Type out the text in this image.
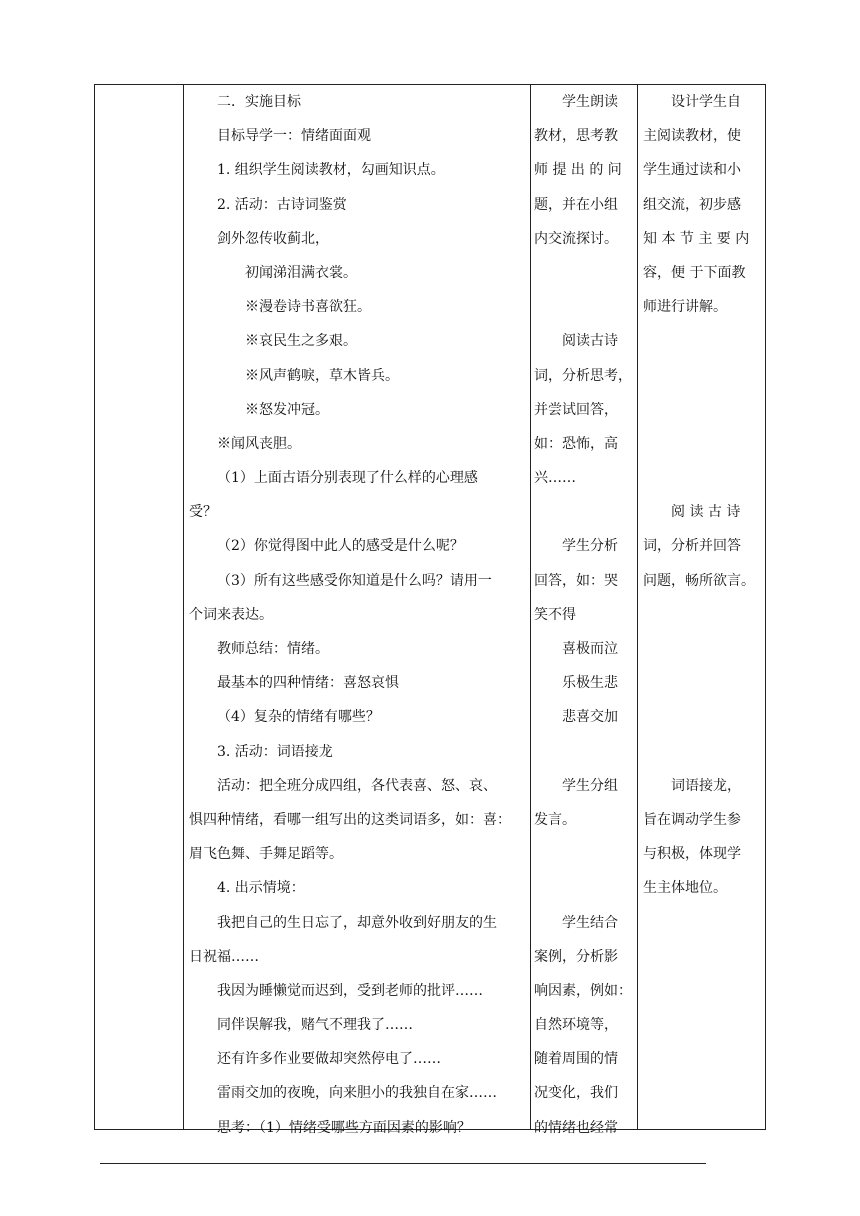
二．实施目标
目标导学一：情绪面面观
1. 组织学生阅读教材，勾画知识点。
2. 活动：古诗词鉴赏
剑外忽传收蓟北，
初闻涕泪满衣裳。
※漫卷诗书喜欲狂。
※哀民生之多艰。
※风声鹤唳，草木皆兵。
※怒发冲冠。
※闻风丧胆。
（1）上面古语分别表现了什么样的心理感
受？
（2）你觉得图中此人的感受是什么呢？
（3）所有这些感受你知道是什么吗？请用一
个词来表达。
教师总结：情绪。
最基本的四种情绪：喜怒哀惧
（4）复杂的情绪有哪些？
3. 活动：词语接龙
活动：把全班分成四组，各代表喜、怒、哀、
惧四种情绪，看哪一组写出的这类词语多，如：喜：
眉飞色舞、手舞足蹈等。
4. 出示情境：
我把自己的生日忘了，却意外收到好朋友的生
日祝福……
我因为睡懒觉而迟到，受到老师的批评……
同伴误解我，赌气不理我了……
还有许多作业要做却突然停电了……
雷雨交加的夜晚，向来胆小的我独自在家……
思考：（1）情绪受哪些方面因素的影响？
　　学生朗读
教材，思考教
师 提 出 的 问
题，并在小组
内交流探讨。
　　阅读古诗
词，分析思考，
并尝试回答，
如：恐怖，高
兴……
　　学生分析
回答，如：哭
笑不得
　　喜极而泣
　　乐极生悲
　　悲喜交加
　　学生分组
发言。
　　学生结合
案例，分析影
响因素，例如：
自然环境等，
随着周围的情
况变化，我们
的情绪也经常
　　设计学生自
主阅读教材，使
学生通过读和小
组交流，初步感
知 本 节 主 要 内
容，便 于下面教
师进行讲解。
　　阅 读 古 诗
词，分析并回答
问题，畅所欲言。
　　词语接龙，
旨在调动学生参
与积极，体现学
生主体地位。
